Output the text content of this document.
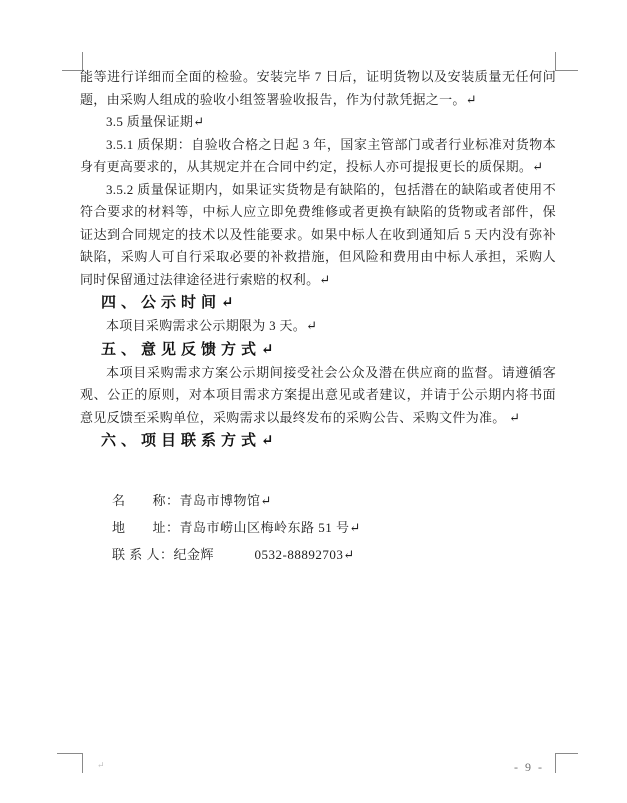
能等进行详细而全面的检验。安装完毕 7 日后，证明货物以及安装质量无任何问题，由采购人组成的验收小组签署验收报告，作为付款凭据之一。↵

3.5 质量保证期↵

3.5.1 质保期：自验收合格之日起 3 年，国家主管部门或者行业标准对货物本身有更高要求的，从其规定并在合同中约定，投标人亦可提报更长的质保期。↵

3.5.2 质量保证期内，如果证实货物是有缺陷的，包括潜在的缺陷或者使用不符合要求的材料等，中标人应立即免费维修或者更换有缺陷的货物或者部件，保证达到合同规定的技术以及性能要求。如果中标人在收到通知后 5 天内没有弥补缺陷，采购人可自行采取必要的补救措施，但风险和费用由中标人承担，采购人同时保留通过法律途径进行索赔的权利。↵

四、公示时间↵

本项目采购需求公示期限为 3 天。↵

五、意见反馈方式↵

本项目采购需求方案公示期间接受社会公众及潜在供应商的监督。请遵循客观、公正的原则，对本项目需求方案提出意见或者建议，并请于公示期内将书面意见反馈至采购单位，采购需求以最终发布的采购公告、采购文件为准。 ↵

六、项目联系方式↵

名　　称：青岛市博物馆↵

地　　址：青岛市崂山区梅岭东路 51 号↵

联 系 人：纪金辉　　　0532-88892703↵

↵	- 9 -
